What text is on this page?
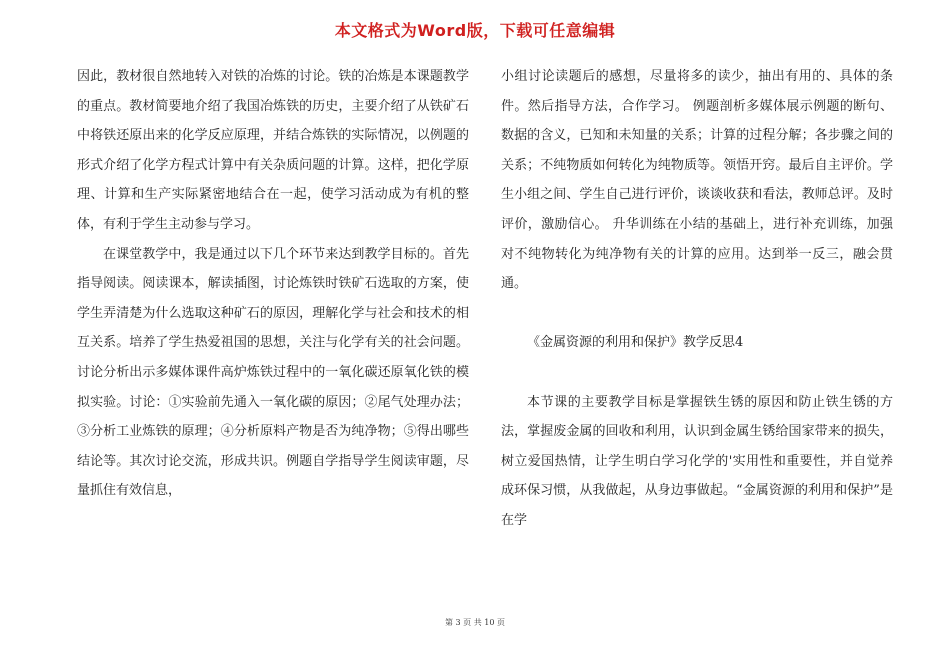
本文格式为Word版，下载可任意编辑

因此，教材很自然地转入对铁的冶炼的讨论。铁的冶炼是本课题教学的重点。教材简要地介绍了我国冶炼铁的历史，主要介绍了从铁矿石中将铁还原出来的化学反应原理，并结合炼铁的实际情况，以例题的形式介绍了化学方程式计算中有关杂质问题的计算。这样，把化学原理、计算和生产实际紧密地结合在一起，使学习活动成为有机的整体，有利于学生主动参与学习。

在课堂教学中，我是通过以下几个环节来达到教学目标的。首先指导阅读。阅读课本，解读插图，讨论炼铁时铁矿石选取的方案，使学生弄清楚为什么选取这种矿石的原因，理解化学与社会和技术的相互关系。培养了学生热爱祖国的思想，关注与化学有关的社会问题。 讨论分析出示多媒体课件高炉炼铁过程中的一氧化碳还原氧化铁的模拟实验。讨论：①实验前先通入一氧化碳的原因；②尾气处理办法；③分析工业炼铁的原理；④分析原料产物是否为纯净物；⑤得出哪些结论等。其次讨论交流，形成共识。例题自学指导学生阅读审题，尽量抓住有效信息，

小组讨论读题后的感想，尽量将多的读少，抽出有用的、具体的条件。然后指导方法，合作学习。 例题剖析多媒体展示例题的断句、数据的含义，已知和未知量的关系；计算的过程分解；各步骤之间的关系；不纯物质如何转化为纯物质等。领悟开窍。最后自主评价。学生小组之间、学生自己进行评价，谈谈收获和看法，教师总评。及时评价，激励信心。 升华训练在小结的基础上，进行补充训练，加强对不纯物转化为纯净物有关的计算的应用。达到举一反三，融会贯通。

《金属资源的利用和保护》教学反思4

本节课的主要教学目标是掌握铁生锈的原因和防止铁生锈的方法，掌握废金属的回收和利用，认识到金属生锈给国家带来的损失，树立爱国热情，让学生明白学习化学的'实用性和重要性，并自觉养成环保习惯，从我做起，从身边事做起。“金属资源的利用和保护”是在学

第 3 页 共 10 页
